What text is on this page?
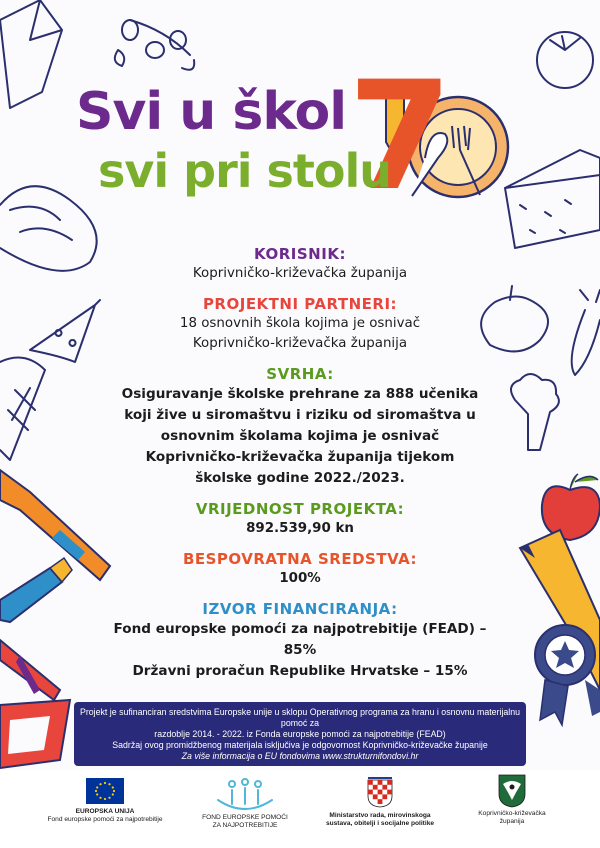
7
Svi u škol
svi pri stolu
KORISNIK:
Koprivničko-križevačka županija
PROJEKTNI PARTNERI:
18 osnovnih škola kojima je osnivač
Koprivničko-križevačka županija
SVRHA:
Osiguravanje školske prehrane za 888 učenika
koji žive u siromaštvu i riziku od siromaštva u
osnovnim školama kojima je osnivač
Koprivničko-križevačka županija tijekom
školske godine 2022./2023.
VRIJEDNOST PROJEKTA:
892.539,90 kn
BESPOVRATNA SREDSTVA:
100%
IZVOR FINANCIRANJA:
Fond europske pomoći za najpotrebitije (FEAD) – 85%
Državni proračun Republike Hrvatske – 15%
Projekt je sufinanciran sredstvima Europske unije u sklopu Operativnog programa za hranu i osnovnu materijalnu pomoć za
razdoblje 2014. - 2022. iz Fonda europske pomoći za najpotrebitije (FEAD)
Sadržaj ovog promidžbenog materijala isključiva je odgovornost Koprivničko-križevačke županije
Za više informacija o EU fondovima www.strukturnifondovi.hr
EUROPSKA UNIJA
Fond europske pomoći za najpotrebitije	FOND EUROPSKE POMOĆI
ZA NAJPOTREBITIJE
Ministarstvo rada, mirovinskoga
sustava, obitelji i socijalne politike
Koprivničko-križevačka
županija
